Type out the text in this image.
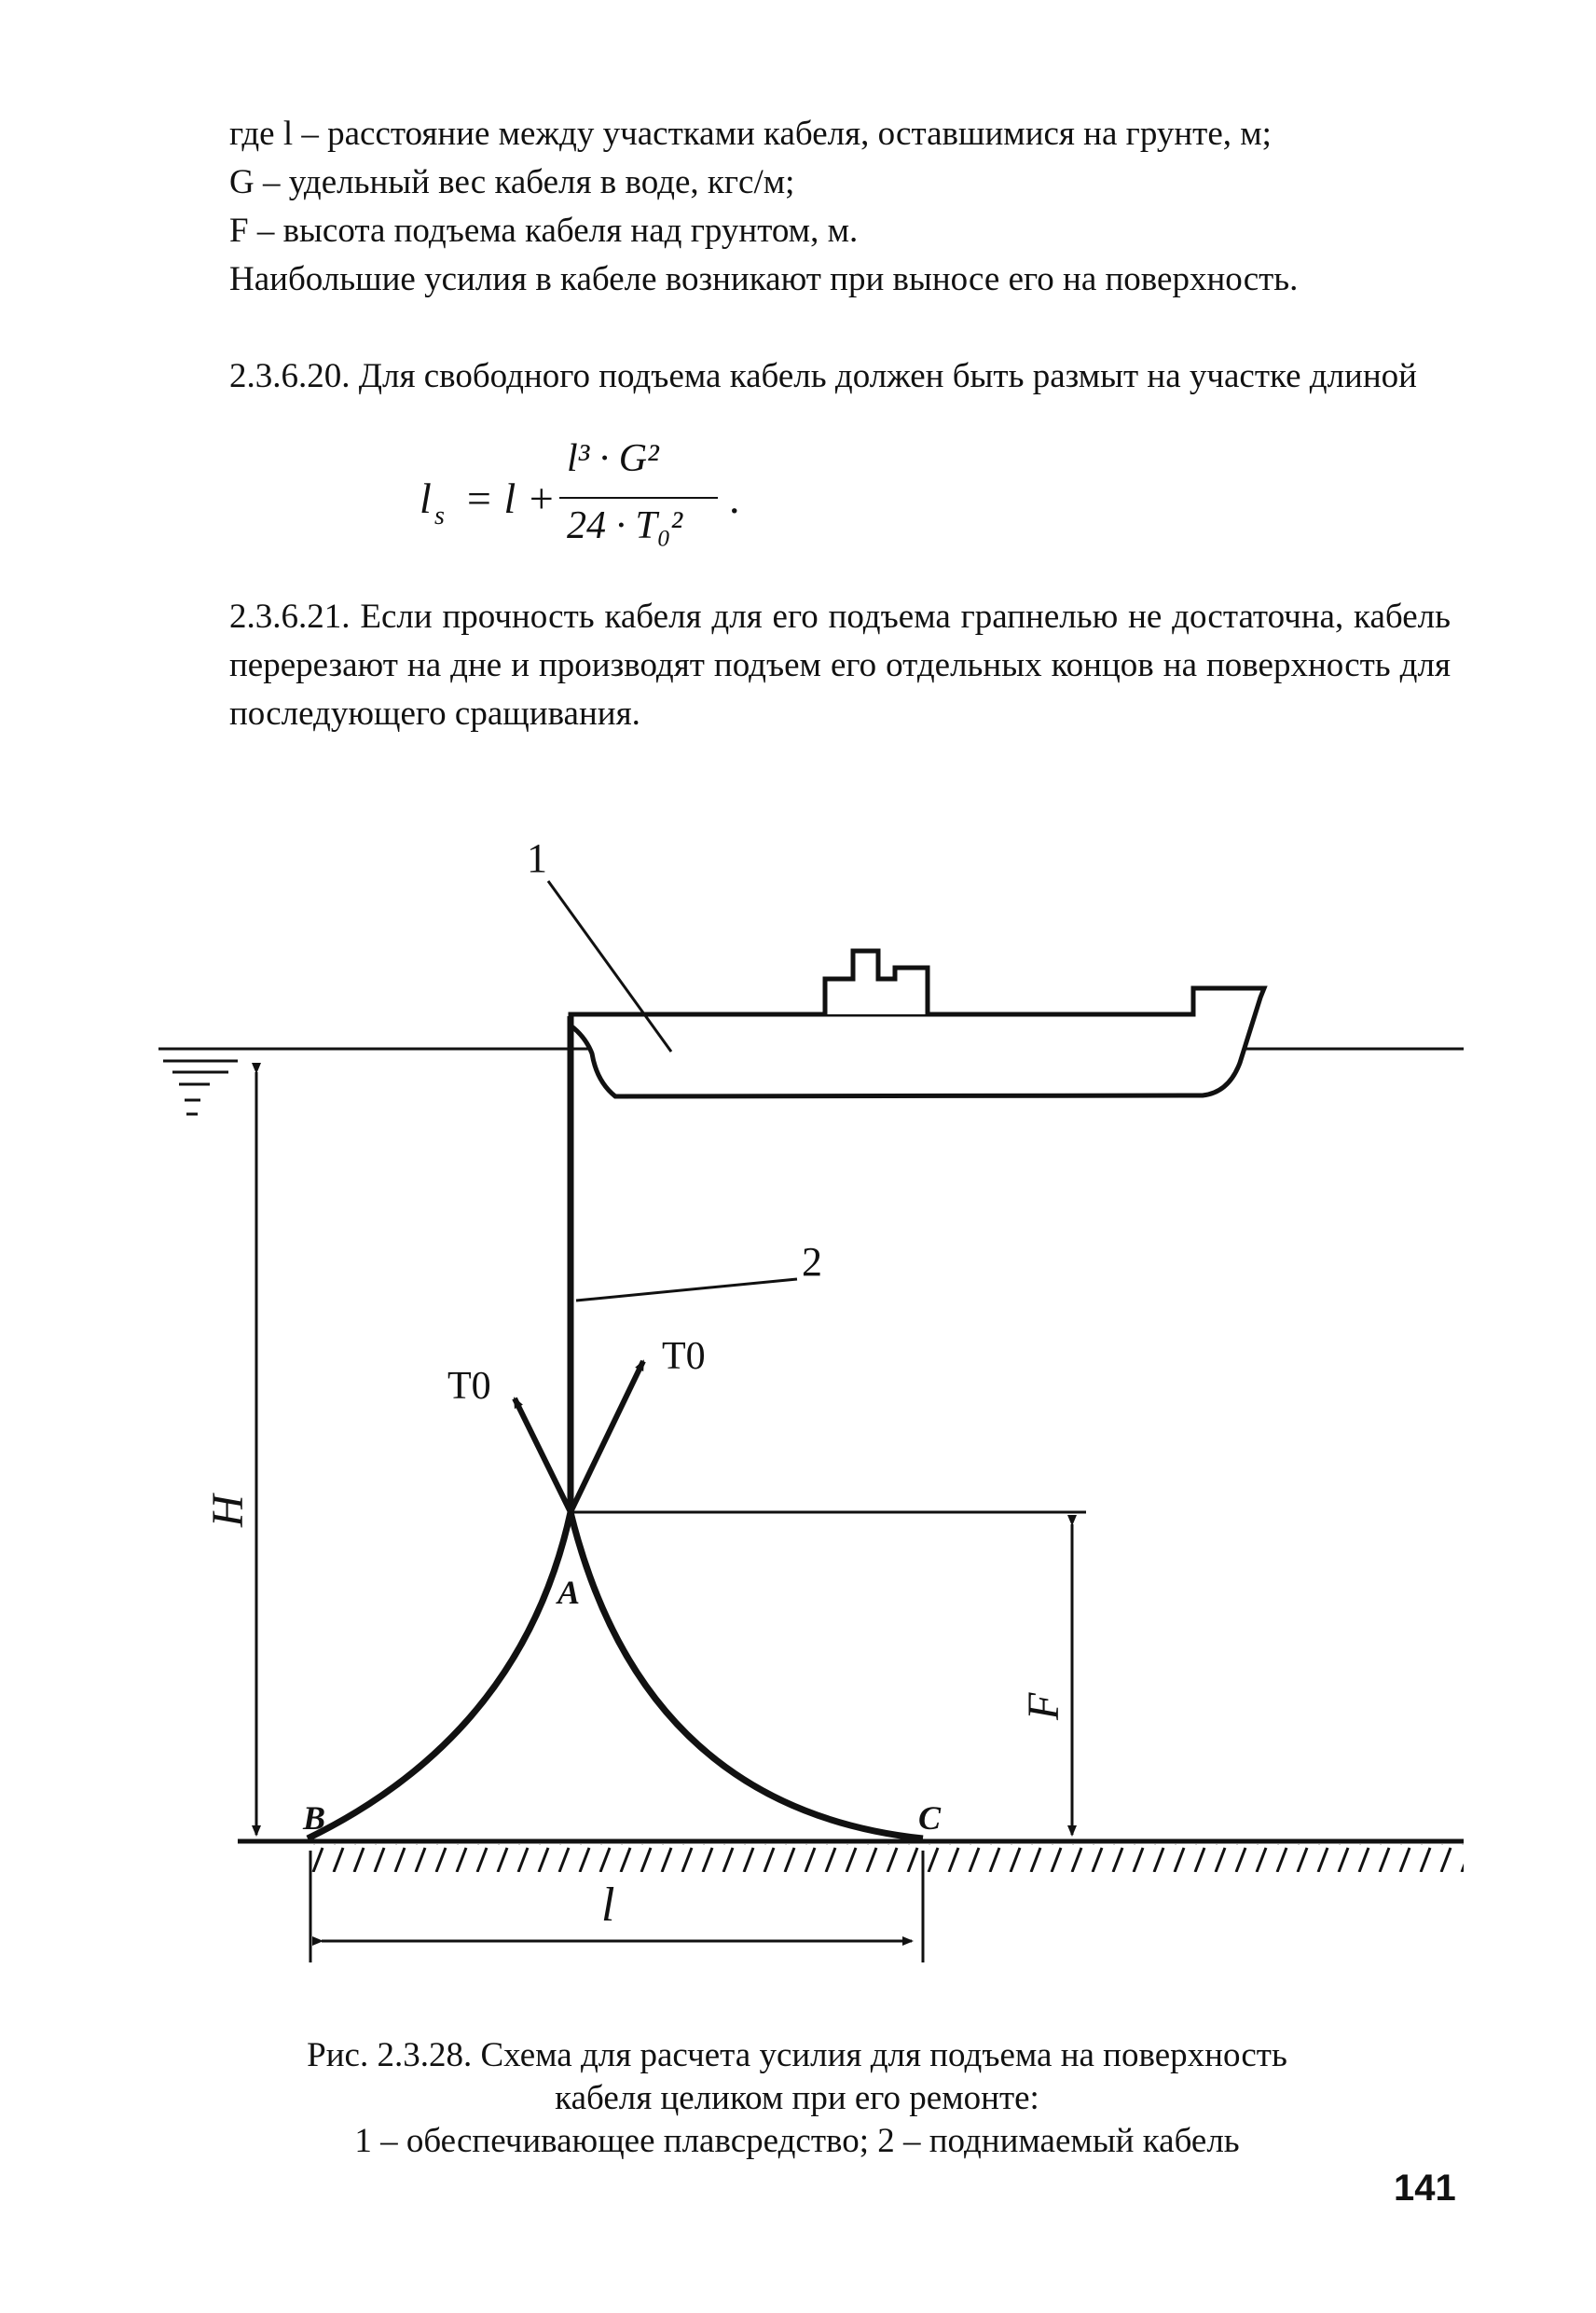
где l – расстояние между участками кабеля, оставшимися на грунте, м;

G – удельный вес кабеля в воде, кгс/м;

F – высота подъема кабеля над грунтом, м.

Наибольшие усилия в кабеле возникают при выносе его на поверхность.

2.3.6.20. Для свободного подъема кабель должен быть размыт на участке длиной

l s = l +
l³ · G²
24 · T₀²
.

2.3.6.21. Если прочность кабеля для его подъема грапнелью не достаточна, кабель перерезают на дне и производят подъем его отдельных концов на поверхность для последующего сращивания.

1
2
T0
T0
A
B	C
H
F
l
Рис. 2.3.28. Схема для расчета усилия для подъема на поверхность
кабеля целиком при его ремонте:
1 – обеспечивающее плавсредство; 2 – поднимаемый кабель
141
